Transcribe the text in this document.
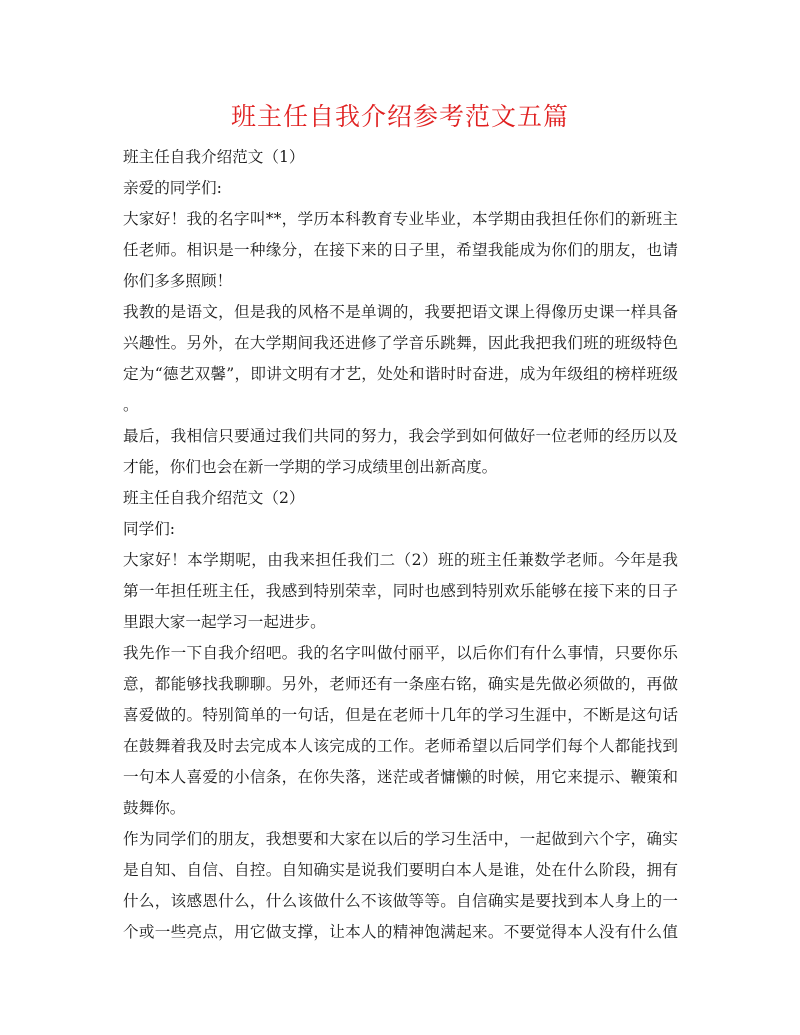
班主任自我介绍参考范文五篇
班主任自我介绍范文（1）
亲爱的同学们:
大家好！我的名字叫**，学历本科教育专业毕业，本学期由我担任你们的新班主
任老师。相识是一种缘分，在接下来的日子里，希望我能成为你们的朋友，也请
你们多多照顾！
我教的是语文，但是我的风格不是单调的，我要把语文课上得像历史课一样具备
兴趣性。另外，在大学期间我还进修了学音乐跳舞，因此我把我们班的班级特色
定为“德艺双馨”，即讲文明有才艺，处处和谐时时奋进，成为年级组的榜样班级
。
最后，我相信只要通过我们共同的努力，我会学到如何做好一位老师的经历以及
才能，你们也会在新一学期的学习成绩里创出新高度。
班主任自我介绍范文（2）
同学们:
大家好！本学期呢，由我来担任我们二（2）班的班主任兼数学老师。今年是我
第一年担任班主任，我感到特别荣幸，同时也感到特别欢乐能够在接下来的日子
里跟大家一起学习一起进步。
我先作一下自我介绍吧。我的名字叫做付丽平，以后你们有什么事情，只要你乐
意，都能够找我聊聊。另外，老师还有一条座右铭，确实是先做必须做的，再做
喜爱做的。特别简单的一句话，但是在老师十几年的学习生涯中，不断是这句话
在鼓舞着我及时去完成本人该完成的工作。老师希望以后同学们每个人都能找到
一句本人喜爱的小信条，在你失落，迷茫或者慵懒的时候，用它来提示、鞭策和
鼓舞你。
作为同学们的朋友，我想要和大家在以后的学习生活中，一起做到六个字，确实
是自知、自信、自控。自知确实是说我们要明白本人是谁，处在什么阶段，拥有
什么，该感恩什么，什么该做什么不该做等等。自信确实是要找到本人身上的一
个或一些亮点，用它做支撑，让本人的精神饱满起来。不要觉得本人没有什么值
